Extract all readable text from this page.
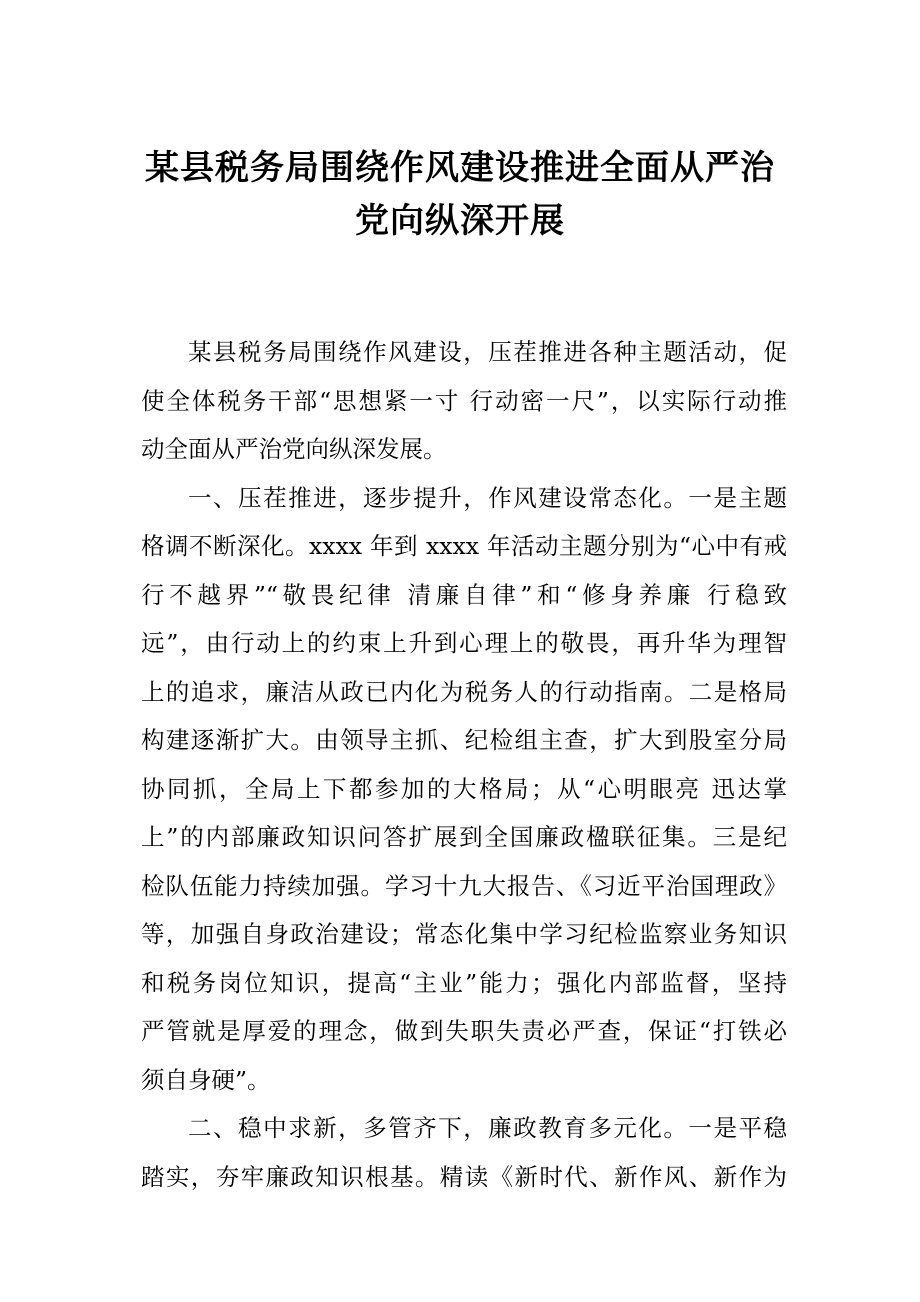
某县税务局围绕作风建设推进全面从严治
党向纵深开展
某县税务局围绕作风建设，压茬推进各种主题活动，促
使全体税务干部“思想紧一寸 行动密一尺”，以实际行动推
动全面从严治党向纵深发展。
一、压茬推进，逐步提升，作风建设常态化。一是主题
格调不断深化。xxxx 年到 xxxx 年活动主题分别为“心中有戒
行不越界”“敬畏纪律 清廉自律”和“修身养廉 行稳致
远”，由行动上的约束上升到心理上的敬畏，再升华为理智
上的追求，廉洁从政已内化为税务人的行动指南。二是格局
构建逐渐扩大。由领导主抓、纪检组主查，扩大到股室分局
协同抓，全局上下都参加的大格局；从“心明眼亮 迅达掌
上”的内部廉政知识问答扩展到全国廉政楹联征集。三是纪
检队伍能力持续加强。学习十九大报告、《习近平治国理政》
等，加强自身政治建设；常态化集中学习纪检监察业务知识
和税务岗位知识，提高“主业”能力；强化内部监督，坚持
严管就是厚爱的理念，做到失职失责必严查，保证“打铁必
须自身硬”。
二、稳中求新，多管齐下，廉政教育多元化。一是平稳
踏实，夯牢廉政知识根基。精读《新时代、新作风、新作为
